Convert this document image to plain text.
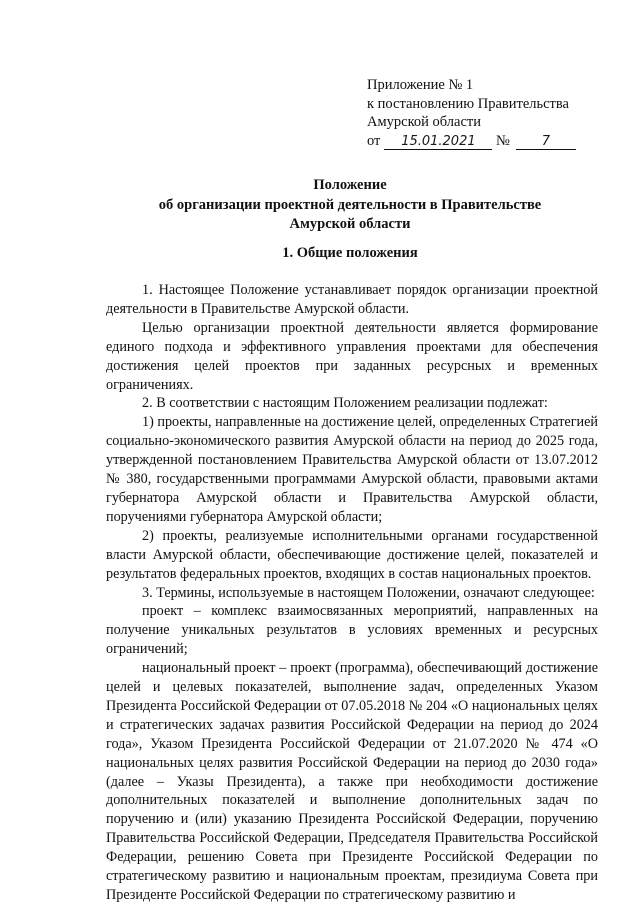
Приложение № 1
к постановлению Правительства
Амурской области
от 15.01.2021 № 7
Положение
об организации проектной деятельности в Правительстве
Амурской области
1. Общие положения

1. Настоящее Положение устанавливает порядок организации проектной деятельности в Правительстве Амурской области.

Целью организации проектной деятельности является формирование единого подхода и эффективного управления проектами для обеспечения достижения целей проектов при заданных ресурсных и временных ограничениях.

2. В соответствии с настоящим Положением реализации подлежат:

1) проекты, направленные на достижение целей, определенных Стратегией социально-экономического развития Амурской области на период до 2025 года, утвержденной постановлением Правительства Амурской области от 13.07.2012 № 380, государственными программами Амурской области, правовыми актами губернатора Амурской области и Правительства Амурской области, поручениями губернатора Амурской области;

2) проекты, реализуемые исполнительными органами государственной власти Амурской области, обеспечивающие достижение целей, показателей и результатов федеральных проектов, входящих в состав национальных проектов.

3. Термины, используемые в настоящем Положении, означают следующее:

проект – комплекс взаимосвязанных мероприятий, направленных на получение уникальных результатов в условиях временных и ресурсных ограничений;

национальный проект – проект (программа), обеспечивающий достижение целей и целевых показателей, выполнение задач, определенных Указом Президента Российской Федерации от 07.05.2018 № 204 «О национальных целях и стратегических задачах развития Российской Федерации на период до 2024 года», Указом Президента Российской Федерации от 21.07.2020 № 474 «О национальных целях развития Российской Федерации на период до 2030 года» (далее – Указы Президента), а также при необходимости достижение дополнительных показателей и выполнение дополнительных задач по поручению и (или) указанию Президента Российской Федерации, поручению Правительства Российской Федерации, Председателя Правительства Российской Федерации, решению Совета при Президенте Российской Федерации по стратегическому развитию и национальным проектам, президиума Совета при Президенте Российской Федерации по стратегическому развитию и
